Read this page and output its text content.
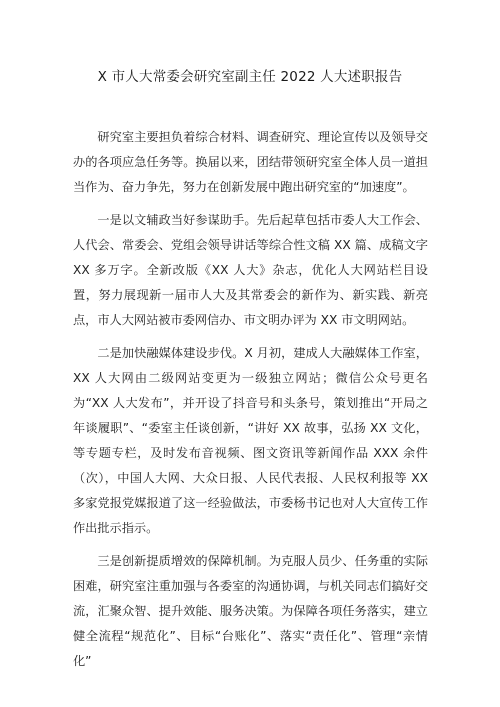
X 市人大常委会研究室副主任 2022 人大述职报告

研究室主要担负着综合材料、调查研究、理论宣传以及领导交办的各项应急任务等。换届以来，团结带领研究室全体人员一道担当作为、奋力争先，努力在创新发展中跑出研究室的“加速度”。

一是以文辅政当好参谋助手。先后起草包括市委人大工作会、人代会、常委会、党组会领导讲话等综合性文稿 XX 篇、成稿文字 XX 多万字。全新改版《XX 人大》杂志，优化人大网站栏目设置，努力展现新一届市人大及其常委会的新作为、新实践、新亮点，市人大网站被市委网信办、市文明办评为 XX 市文明网站。

二是加快融媒体建设步伐。X 月初，建成人大融媒体工作室，XX 人大网由二级网站变更为一级独立网站；微信公众号更名为“XX 人大发布”，并开设了抖音号和头条号，策划推出“开局之年谈履职”、“委室主任谈创新，“讲好 XX 故事，弘扬 XX 文化，等专题专栏，及时发布音视频、图文资讯等新闻作品 XXX 余件（次），中国人大网、大众日报、人民代表报、人民权利报等 XX 多家党报党媒报道了这一经验做法，市委杨书记也对人大宣传工作作出批示指示。

三是创新提质增效的保障机制。为克服人员少、任务重的实际困难，研究室注重加强与各委室的沟通协调，与机关同志们搞好交流，汇聚众智、提升效能、服务决策。为保障各项任务落实，建立健全流程“规范化”、目标“台账化”、落实“责任化”、管理“亲情化”
